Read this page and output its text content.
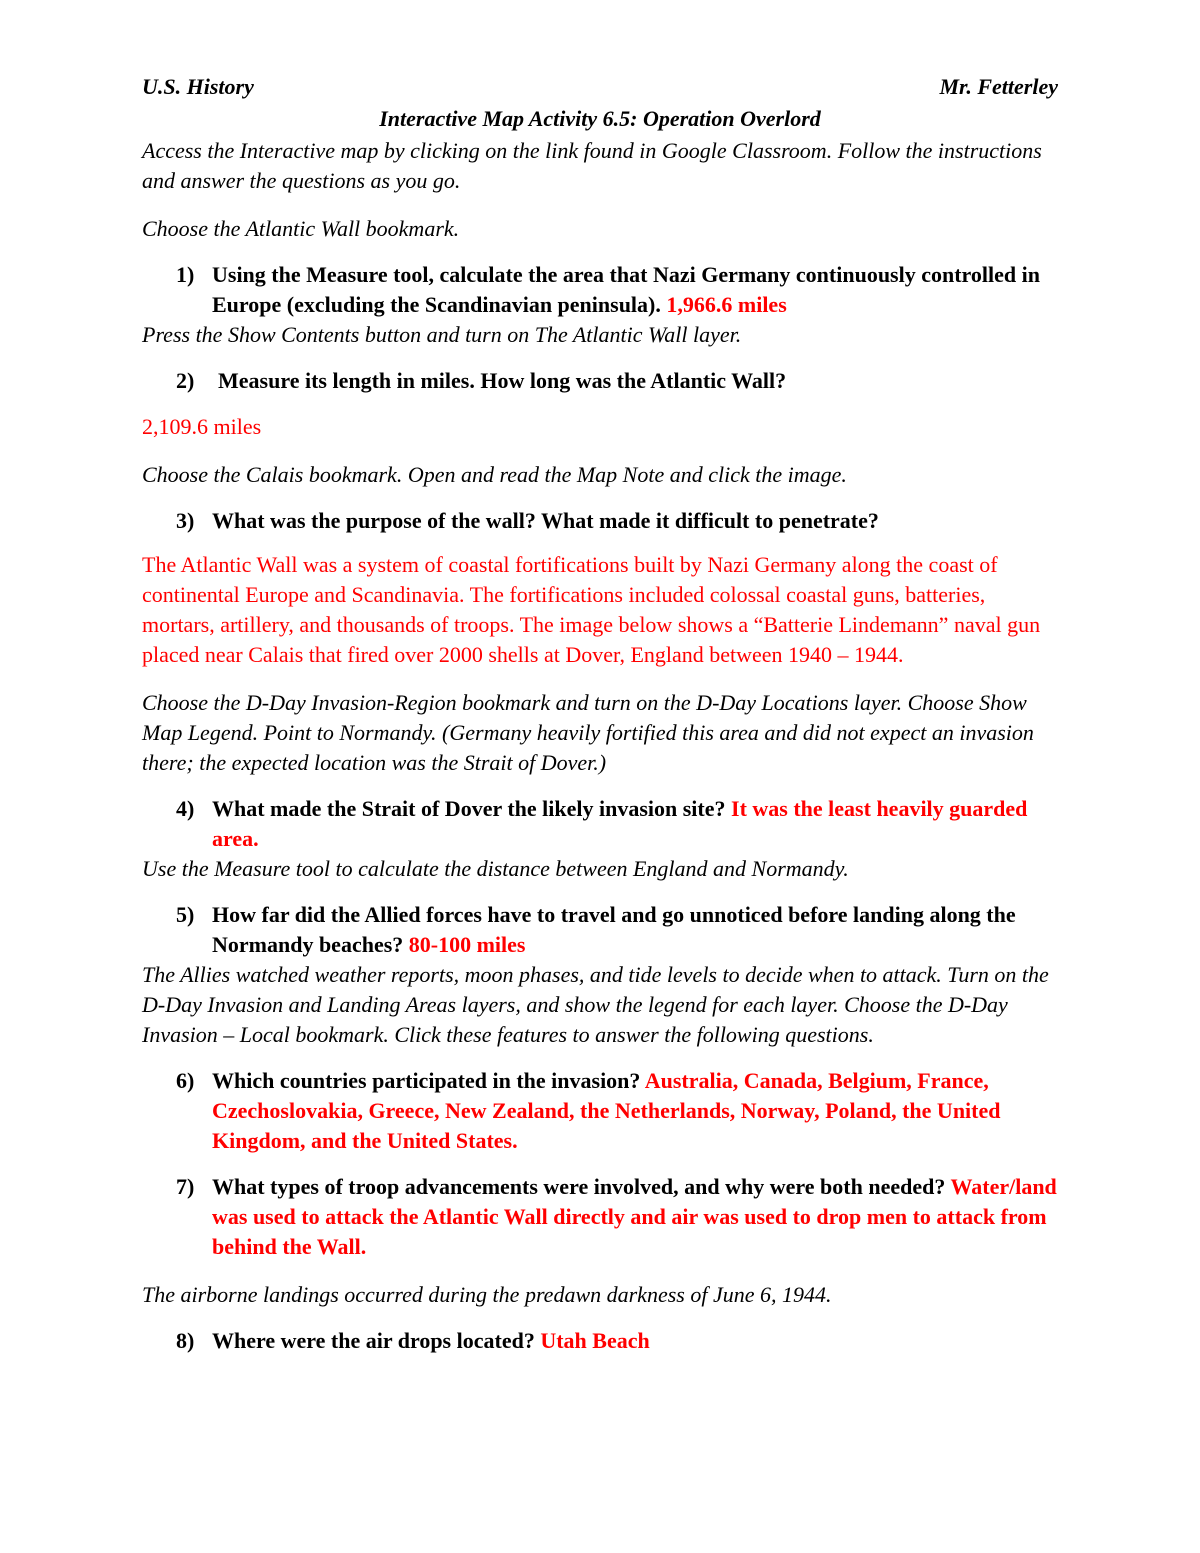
U.S. History	Mr. Fetterley
Interactive Map Activity 6.5: Operation Overlord

Access the Interactive map by clicking on the link found in Google Classroom. Follow the instructions and answer the questions as you go.

Choose the Atlantic Wall bookmark.

1) Using the Measure tool, calculate the area that Nazi Germany continuously controlled in Europe (excluding the Scandinavian peninsula). 1,966.6 miles

Press the Show Contents button and turn on The Atlantic Wall layer.

2) Measure its length in miles. How long was the Atlantic Wall?
2,109.6 miles

Choose the Calais bookmark. Open and read the Map Note and click the image.

3) What was the purpose of the wall? What made it difficult to penetrate?
The Atlantic Wall was a system of coastal fortifications built by Nazi Germany along the coast of continental Europe and Scandinavia. The fortifications included colossal coastal guns, batteries, mortars, artillery, and thousands of troops. The image below shows a “Batterie Lindemann” naval gun placed near Calais that fired over 2000 shells at Dover, England between 1940 – 1944.

Choose the D-Day Invasion-Region bookmark and turn on the D-Day Locations layer. Choose Show Map Legend. Point to Normandy. (Germany heavily fortified this area and did not expect an invasion there; the expected location was the Strait of Dover.)

4) What made the Strait of Dover the likely invasion site? It was the least heavily guarded area.

Use the Measure tool to calculate the distance between England and Normandy.

5) How far did the Allied forces have to travel and go unnoticed before landing along the Normandy beaches? 80-100 miles

The Allies watched weather reports, moon phases, and tide levels to decide when to attack. Turn on the D-Day Invasion and Landing Areas layers, and show the legend for each layer. Choose the D-Day Invasion – Local bookmark. Click these features to answer the following questions.

6) Which countries participated in the invasion? Australia, Canada, Belgium, France, Czechoslovakia, Greece, New Zealand, the Netherlands, Norway, Poland, the United Kingdom, and the United States.
7) What types of troop advancements were involved, and why were both needed? Water/land was used to attack the Atlantic Wall directly and air was used to drop men to attack from behind the Wall.

The airborne landings occurred during the predawn darkness of June 6, 1944.

8) Where were the air drops located? Utah Beach
